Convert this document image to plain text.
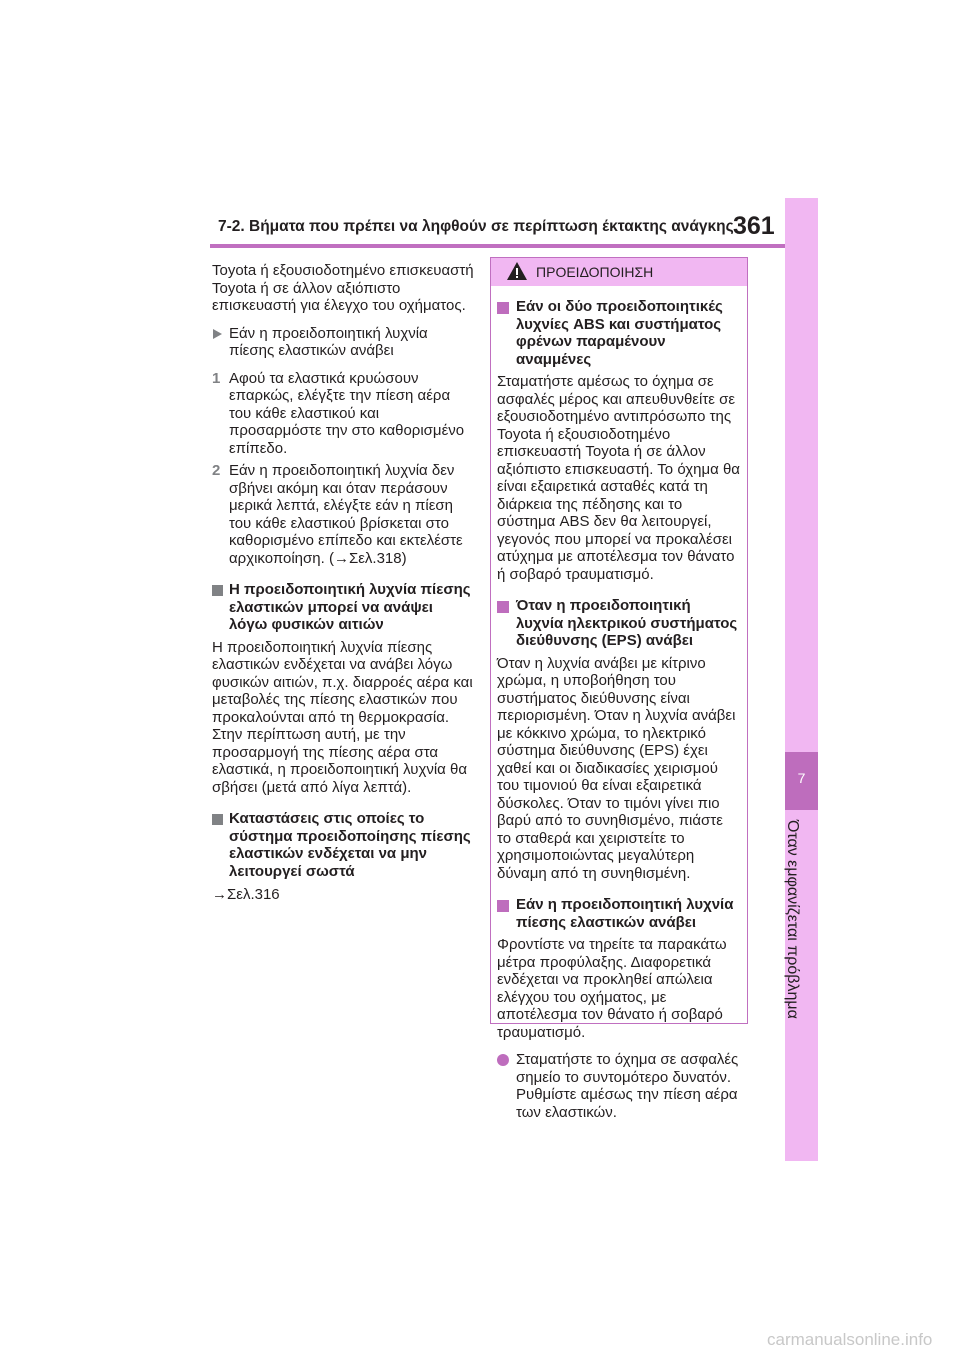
7-2. Βήματα που πρέπει να ληφθούν σε περίπτωση έκτακτης ανάγκης 361
7
Όταν εμφανίζεται πρόβλημα

Toyota ή εξουσιοδοτημένο επισκευαστή Toyota ή σε άλλον αξιόπιστο επισκευαστή για έλεγχο του οχήματος.

Εάν η προειδοποιητική λυχνία πίεσης ελαστικών ανάβει

1 Αφού τα ελαστικά κρυώσουν επαρκώς, ελέγξτε την πίεση αέρα του κάθε ελαστικού και προσαρμόστε την στο καθορισμένο επίπεδο.

2 Εάν η προειδοποιητική λυχνία δεν σβήνει ακόμη και όταν περάσουν μερικά λεπτά, ελέγξτε εάν η πίεση του κάθε ελαστικού βρίσκεται στο καθορισμένο επίπεδο και εκτελέστε αρχικοποίηση. (→Σελ.318)

Η προειδοποιητική λυχνία πίεσης ελαστικών μπορεί να ανάψει λόγω φυσικών αιτιών

Η προειδοποιητική λυχνία πίεσης ελαστικών ενδέχεται να ανάβει λόγω φυσικών αιτιών, π.χ. διαρροές αέρα και μεταβολές της πίεσης ελαστικών που προκαλούνται από τη θερμοκρασία. Στην περίπτωση αυτή, με την προσαρμογή της πίεσης αέρα στα ελαστικά, η προειδοποιητική λυχνία θα σβήσει (μετά από λίγα λεπτά).

Καταστάσεις στις οποίες το σύστημα προειδοποίησης πίεσης ελαστικών ενδέχεται να μην λειτουργεί σωστά

→Σελ.316

ΠΡΟΕΙΔΟΠΟΙΗΣΗ

Εάν οι δύο προειδοποιητικές λυχνίες ABS και συστήματος φρένων παραμένουν αναμμένες

Σταματήστε αμέσως το όχημα σε ασφαλές μέρος και απευθυνθείτε σε εξουσιοδοτημένο αντιπρόσωπο της Toyota ή εξουσιοδοτημένο επισκευαστή Toyota ή σε άλλον αξιόπιστο επισκευαστή. Το όχημα θα είναι εξαιρετικά ασταθές κατά τη διάρκεια της πέδησης και το σύστημα ABS δεν θα λειτουργεί, γεγονός που μπορεί να προκαλέσει ατύχημα με αποτέλεσμα τον θάνατο ή σοβαρό τραυματισμό.

Όταν η προειδοποιητική λυχνία ηλεκτρικού συστήματος διεύθυνσης (EPS) ανάβει

Όταν η λυχνία ανάβει με κίτρινο χρώμα, η υποβοήθηση του συστήματος διεύθυνσης είναι περιορισμένη. Όταν η λυχνία ανάβει με κόκκινο χρώμα, το ηλεκτρικό σύστημα διεύθυνσης (EPS) έχει χαθεί και οι διαδικασίες χειρισμού του τιμονιού θα είναι εξαιρετικά δύσκολες. Όταν το τιμόνι γίνει πιο βαρύ από το συνηθισμένο, πιάστε το σταθερά και χειριστείτε το χρησιμοποιώντας μεγαλύτερη δύναμη από τη συνηθισμένη.

Εάν η προειδοποιητική λυχνία πίεσης ελαστικών ανάβει

Φροντίστε να τηρείτε τα παρακάτω μέτρα προφύλαξης. Διαφορετικά ενδέχεται να προκληθεί απώλεια ελέγχου του οχήματος, με αποτέλεσμα τον θάνατο ή σοβαρό τραυματισμό.

Σταματήστε το όχημα σε ασφαλές σημείο το συντομότερο δυνατόν. Ρυθμίστε αμέσως την πίεση αέρα των ελαστικών.

carmanualsonline.info
